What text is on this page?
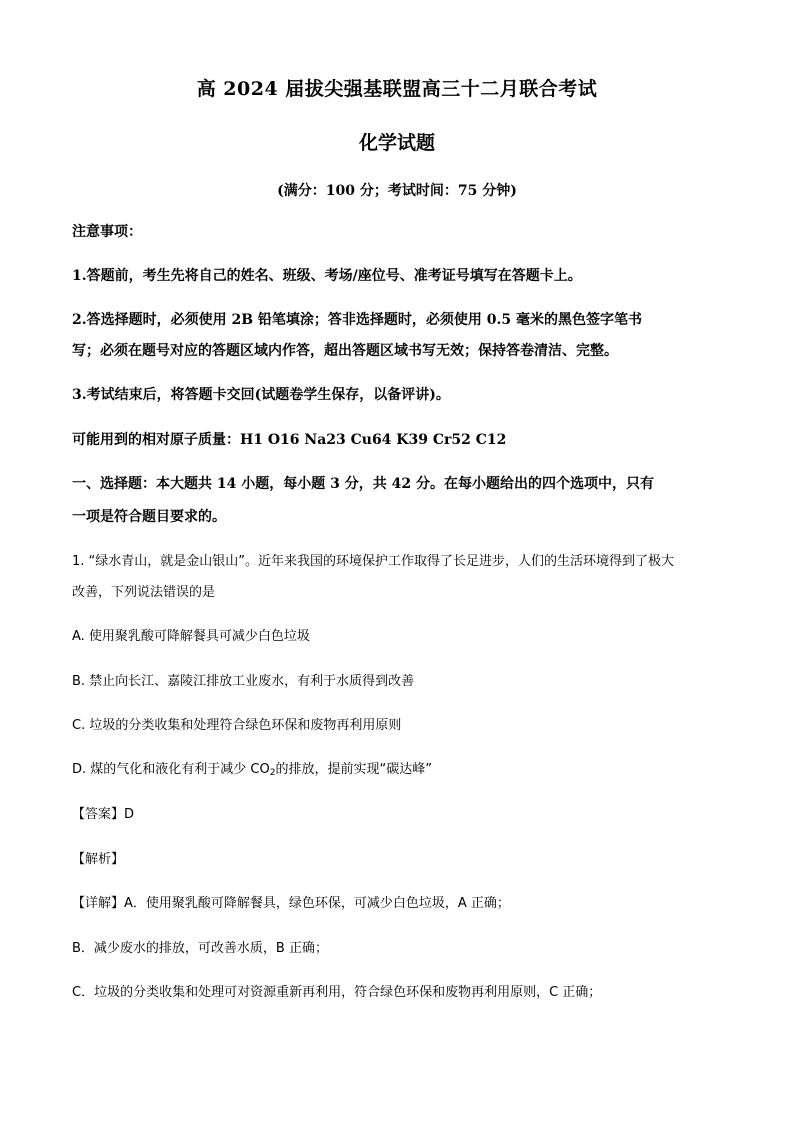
高 2024 届拔尖强基联盟高三十二月联合考试
化学试题
(满分：100 分；考试时间：75 分钟)
注意事项：
1.答题前，考生先将自己的姓名、班级、考场/座位号、准考证号填写在答题卡上。
2.答选择题时，必须使用 2B 铅笔填涂；答非选择题时，必须使用 0.5 毫米的黑色签字笔书
写；必须在题号对应的答题区域内作答，超出答题区域书写无效；保持答卷清洁、完整。
3.考试结束后，将答题卡交回(试题卷学生保存，以备评讲)。
可能用到的相对原子质量：H1 O16 Na23 Cu64 K39 Cr52 C12
一、选择题：本大题共 14 小题，每小题 3 分，共 42 分。在每小题给出的四个选项中，只有
一项是符合题目要求的。
1. “绿水青山，就是金山银山”。近年来我国的环境保护工作取得了长足进步，人们的生活环境得到了极大
改善，下列说法错误的是
A. 使用聚乳酸可降解餐具可减少白色垃圾
B. 禁止向长江、嘉陵江排放工业废水，有利于水质得到改善
C. 垃圾的分类收集和处理符合绿色环保和废物再利用原则
D. 煤的气化和液化有利于减少 $CO_2$的排放，提前实现“碳达峰”
【答案】D
【解析】
【详解】A．使用聚乳酸可降解餐具，绿色环保，可减少白色垃圾，A 正确；
B．减少废水的排放，可改善水质，B 正确；
C．垃圾的分类收集和处理可对资源重新再利用，符合绿色环保和废物再利用原则，C 正确；
